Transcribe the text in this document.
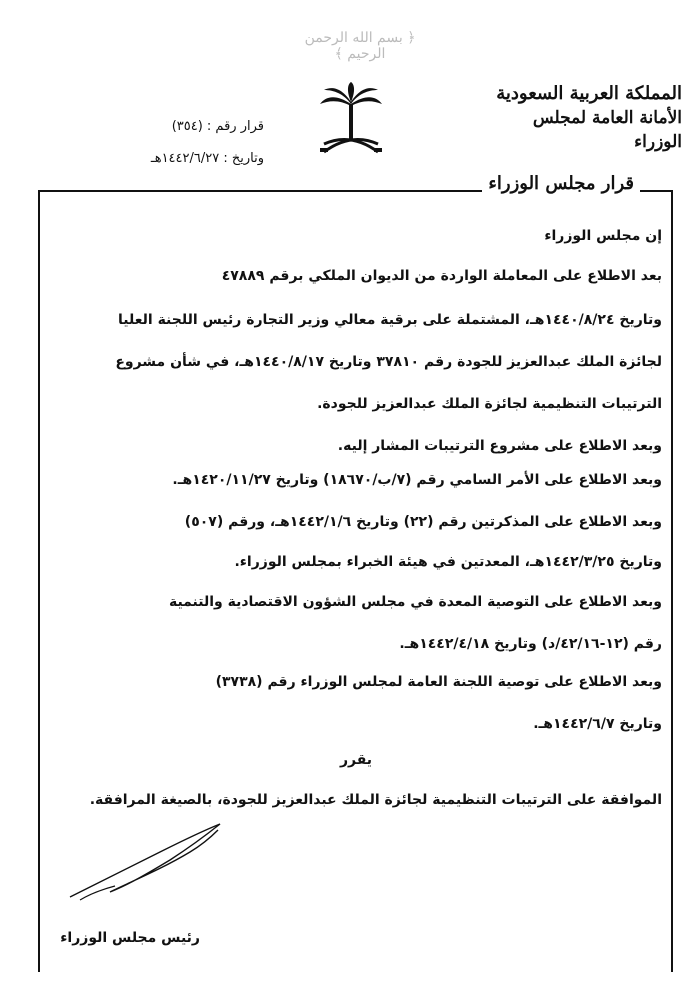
﴿ بسم الله الرحمن الرحيم ﴾
المملكة العربية السعودية
الأمانة العامة لمجلس الوزراء
قرار رقم : (٣٥٤)
وتاريخ : ١٤٤٢/٦/٢٧هـ
قرار مجلس الوزراء
إن مجلس الوزراء
بعد الاطلاع على المعاملة الواردة من الديوان الملكي برقم ٤٧٨٨٩
وتاريخ ١٤٤٠/٨/٢٤هـ، المشتملة على برقية معالي وزير التجارة رئيس اللجنة العليا
لجائزة الملك عبدالعزيز للجودة رقم ٣٧٨١٠ وتاريخ ١٤٤٠/٨/١٧هـ، في شأن مشروع
الترتيبات التنظيمية لجائزة الملك عبدالعزيز للجودة.
وبعد الاطلاع على مشروع الترتيبات المشار إليه.
وبعد الاطلاع على الأمر السامي رقم (٧/ب/١٨٦٧٠) وتاريخ ١٤٢٠/١١/٢٧هـ.
وبعد الاطلاع على المذكرتين رقم (٢٢) وتاريخ ١٤٤٢/١/٦هـ، ورقم (٥٠٧)
وتاريخ ١٤٤٢/٣/٢٥هـ، المعدتين في هيئة الخبراء بمجلس الوزراء.
وبعد الاطلاع على التوصية المعدة في مجلس الشؤون الاقتصادية والتنمية
رقم (١٢-٤٢/١٦/د) وتاريخ ١٤٤٢/٤/١٨هـ.
وبعد الاطلاع على توصية اللجنة العامة لمجلس الوزراء رقم (٣٧٣٨)
وتاريخ ١٤٤٢/٦/٧هـ.
يقرر
الموافقة على الترتيبات التنظيمية لجائزة الملك عبدالعزيز للجودة، بالصيغة المرافقة.
رئيس مجلس الوزراء
